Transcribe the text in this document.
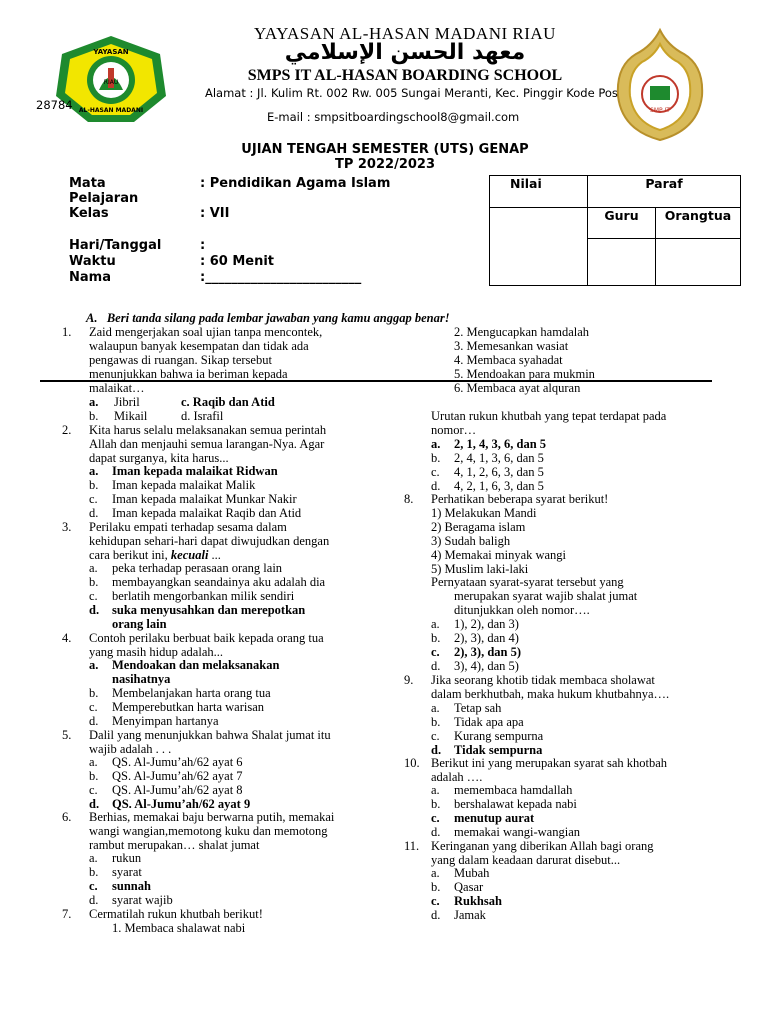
RIAU
YAYASAN
AL-HASAN MADANI	SMP IT
YAYASAN AL-HASAN MADANI RIAU
معهد الحسن الإسلامي
SMPS IT AL-HASAN BOARDING SCHOOL
Alamat : Jl. Kulim Rt. 002 Rw. 005 Sungai Meranti, Kec. Pinggir Kode Pos
28784
E-mail : smpsitboardingschool8@gmail.com
UJIAN TENGAH SEMESTER (UTS) GENAP
TP 2022/2023
Mata Pelajaran
: Pendidikan Agama Islam
Kelas	: VII
Hari/Tanggal	:
Waktu	: 60 Menit
Nama	:________________________
Nilai	Paraf	

	Guru	Orangtua

A. Beri tanda silang pada lembar jawaban yang kamu anggap benar!
1. Zaid mengerjakan soal ujian tanpa mencontek,
walaupun banyak kesempatan dan tidak ada
pengawas di ruangan. Sikap tersebut
menunjukkan bahwa ia beriman kepada
malaikat…
a. Jibril	c. Raqib dan Atid
b. Mikail	d. Israfil
2. Kita harus selalu melaksanakan semua perintah
Allah dan menjauhi semua larangan-Nya. Agar
dapat surganya, kita harus...
a. Iman kepada malaikat Ridwan
b. Iman kepada malaikat Malik
c. Iman kepada malaikat Munkar Nakir
d. Iman kepada malaikat Raqib dan Atid
3. Perilaku empati terhadap sesama dalam
kehidupan sehari-hari dapat diwujudkan dengan
cara berikut ini, kecuali ...
a. peka terhadap perasaan orang lain
b. membayangkan seandainya aku adalah dia
c. berlatih mengorbankan milik sendiri
d. suka menyusahkan dan merepotkan
orang lain
4. Contoh perilaku berbuat baik kepada orang tua
yang masih hidup adalah...
a. Mendoakan dan melaksanakan
nasihatnya
b. Membelanjakan harta orang tua
c. Memperebutkan harta warisan
d. Menyimpan hartanya
5. Dalil yang menunjukkan bahwa Shalat jumat itu
wajib adalah . . .
a. QS. Al-Jumu’ah/62 ayat 6
b. QS. Al-Jumu’ah/62 ayat 7
c. QS. Al-Jumu’ah/62 ayat 8
d. QS. Al-Jumu’ah/62 ayat 9
6. Berhias, memakai baju berwarna putih, memakai
wangi wangian,memotong kuku dan memotong
rambut merupakan… shalat jumat
a. rukun
b. syarat
c. sunnah
d. syarat wajib
7. Cermatilah rukun khutbah berikut!
1. Membaca shalawat nabi
2. Mengucapkan hamdalah
3. Memesankan wasiat
4. Membaca syahadat
5. Mendoakan para mukmin
6. Membaca ayat alquran
Urutan rukun khutbah yang tepat terdapat pada
nomor…
a. 2, 1, 4, 3, 6, dan 5
b. 2, 4, 1, 3, 6, dan 5
c. 4, 1, 2, 6, 3, dan 5
d. 4, 2, 1, 6, 3, dan 5
8. Perhatikan beberapa syarat berikut!
1) Melakukan Mandi
2) Beragama islam
3) Sudah baligh
4) Memakai minyak wangi
5) Muslim laki-laki
Pernyataan syarat-syarat tersebut yang
merupakan syarat wajib shalat jumat
ditunjukkan oleh nomor….
a. 1), 2), dan 3)
b. 2), 3), dan 4)
c. 2), 3), dan 5)
d. 3), 4), dan 5)
9. Jika seorang khotib tidak membaca sholawat
dalam berkhutbah, maka hukum khutbahnya….
a. Tetap sah
b. Tidak apa apa
c. Kurang sempurna
d. Tidak sempurna
10. Berikut ini yang merupakan syarat sah khotbah
adalah ….
a. memembaca hamdallah
b. bershalawat kepada nabi
c. menutup aurat
d. memakai wangi-wangian
11. Keringanan yang diberikan Allah bagi orang
yang dalam keadaan darurat disebut...
a. Mubah
b. Qasar
c. Rukhsah
d. Jamak
